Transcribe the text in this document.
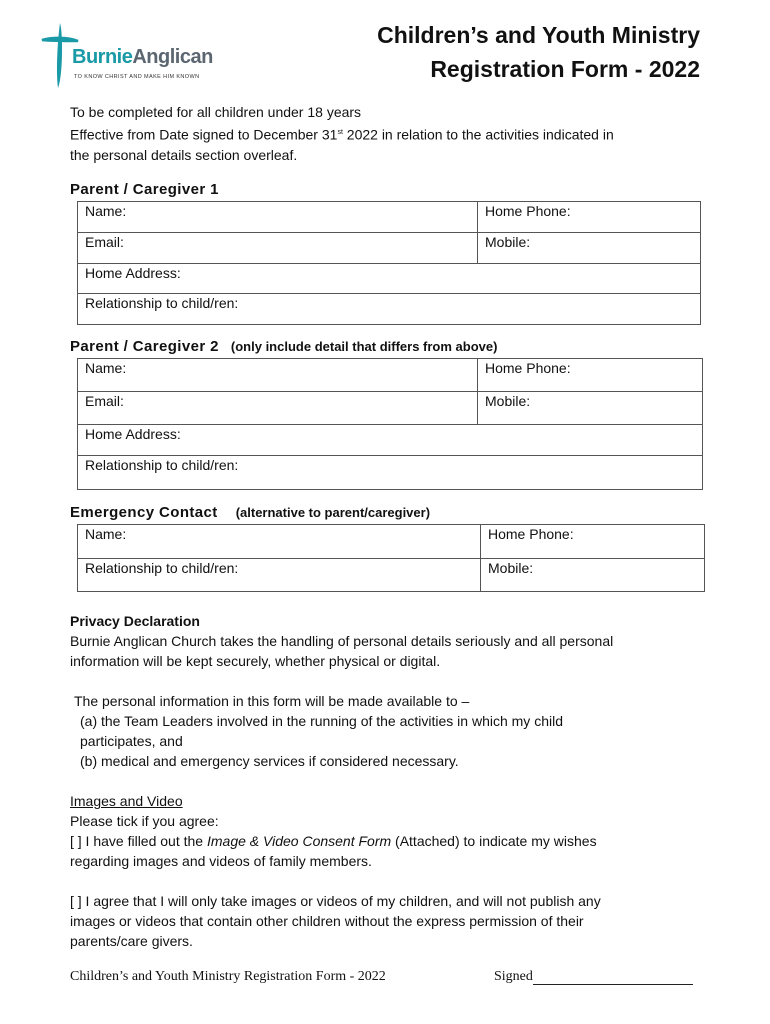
BurnieAnglican
TO KNOW CHRIST AND MAKE HIM KNOWN
Children’s and Youth Ministry
Registration Form - 2022
To be completed for all children under 18 years
Effective from Date signed to December 31st 2022 in relation to the activities indicated in
the personal details section overleaf.
Parent / Caregiver 1
Name:	Home Phone:
Email:	Mobile:
Home Address:	
Relationship to child/ren:	
Parent / Caregiver 2 (only include detail that differs from above)
Name:	Home Phone:
Email:	Mobile:
Home Address:	
Relationship to child/ren:	
Emergency Contact (alternative to parent/caregiver)
Name:	Home Phone:
Relationship to child/ren:	Mobile:
Privacy Declaration
Burnie Anglican Church takes the handling of personal details seriously and all personal
information will be kept securely, whether physical or digital.
The personal information in this form will be made available to –
(a) the Team Leaders involved in the running of the activities in which my child
participates, and
(b) medical and emergency services if considered necessary.
Images and Video
Please tick if you agree:
[ ] I have filled out the Image & Video Consent Form (Attached) to indicate my wishes
regarding images and videos of family members.
[ ] I agree that I will only take images or videos of my children, and will not publish any
images or videos that contain other children without the express permission of their
parents/care givers.
Children’s and Youth Ministry Registration Form - 2022	Signed
